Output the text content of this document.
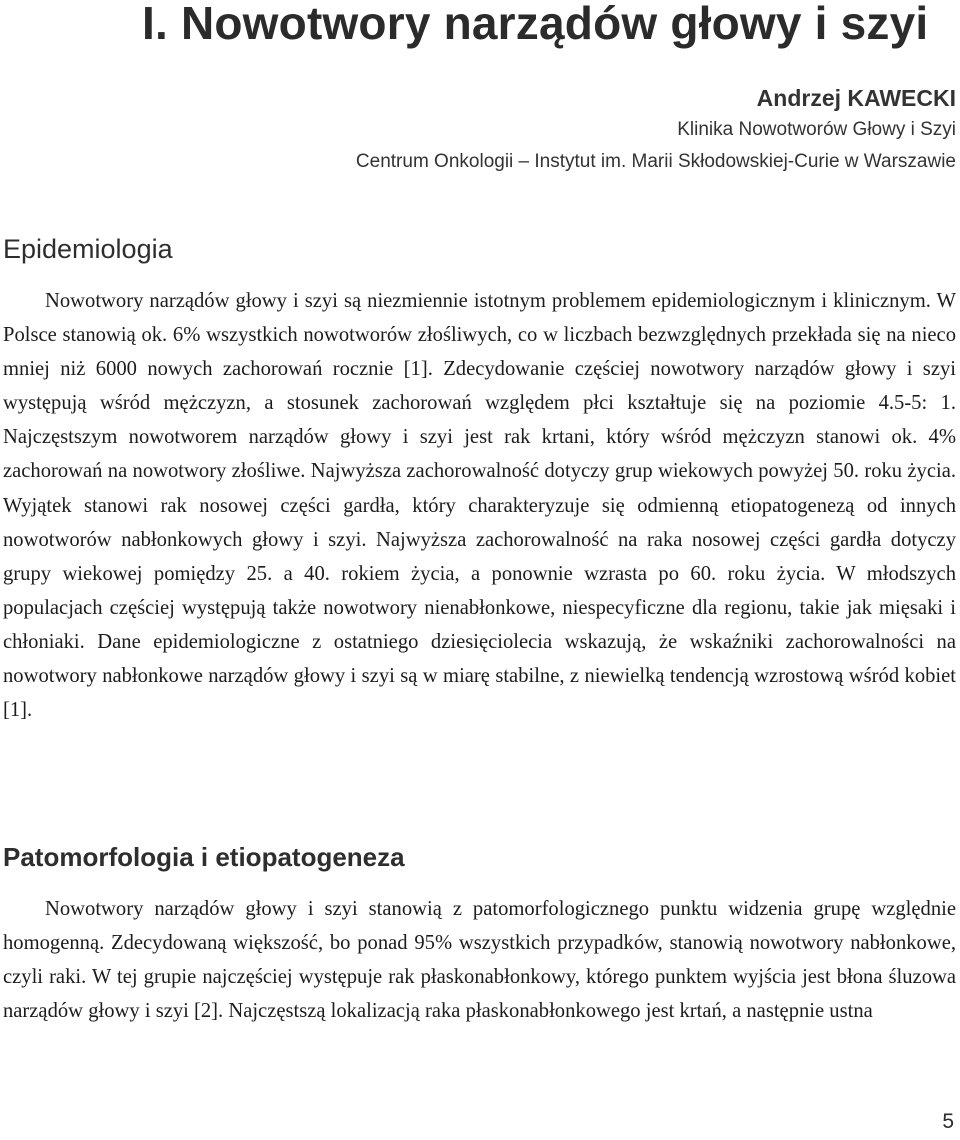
I. Nowotwory narządów głowy i szyi
Andrzej KAWECKI
Klinika Nowotworów Głowy i Szyi
Centrum Onkologii – Instytut im. Marii Skłodowskiej-Curie w Warszawie
Epidemiologia

Nowotwory narządów głowy i szyi są niezmiennie istotnym problemem epidemiologicznym i klinicznym. W Polsce stanowią ok. 6% wszystkich nowotworów złośliwych, co w liczbach bezwzględnych przekłada się na nieco mniej niż 6000 nowych zachorowań rocznie [1]. Zdecydowanie częściej nowotwory narządów głowy i szyi występują wśród mężczyzn, a stosunek zachorowań względem płci kształtuje się na poziomie 4.5-5: 1. Najczęstszym nowotworem narządów głowy i szyi jest rak krtani, który wśród mężczyzn stanowi ok. 4% zachorowań na nowotwory złośliwe. Najwyższa zachorowalność dotyczy grup wiekowych powyżej 50. roku życia. Wyjątek stanowi rak nosowej części gardła, który charakteryzuje się odmienną etiopatogenezą od innych nowotworów nabłonkowych głowy i szyi. Najwyższa zachorowalność na raka nosowej części gardła dotyczy grupy wiekowej pomiędzy 25. a 40. rokiem życia, a ponownie wzrasta po 60. roku życia. W młodszych populacjach częściej występują także nowotwory nienabłonkowe, niespecyficzne dla regionu, takie jak mięsaki i chłoniaki. Dane epidemiologiczne z ostatniego dziesięciolecia wskazują, że wskaźniki zachorowalności na nowotwory nabłonkowe narządów głowy i szyi są w miarę stabilne, z niewielką tendencją wzrostową wśród kobiet [1].

Patomorfologia i etiopatogeneza

Nowotwory narządów głowy i szyi stanowią z patomorfologicznego punktu widzenia grupę względnie homogenną. Zdecydowaną większość, bo ponad 95% wszystkich przypadków, stanowią nowotwory nabłonkowe, czyli raki. W tej grupie najczęściej występuje rak płaskonabłonkowy, którego punktem wyjścia jest błona śluzowa narządów głowy i szyi [2]. Najczęstszą lokalizacją raka płaskonabłonkowego jest krtań, a następnie ustna

5
